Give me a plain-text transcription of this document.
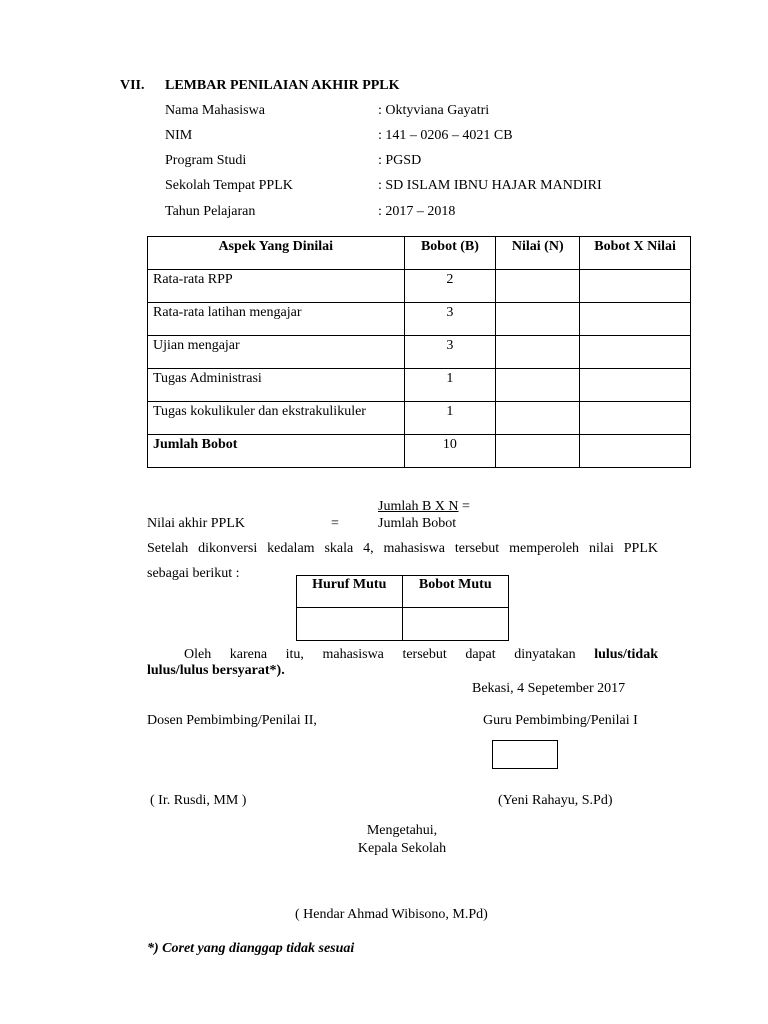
VII. LEMBAR PENILAIAN AKHIR PPLK
Nama Mahasiswa	: Oktyviana Gayatri
NIM	: 141 – 0206 – 4021 CB
Program Studi	: PGSD
Sekolah Tempat PPLK	: SD ISLAM IBNU HAJAR MANDIRI
Tahun Pelajaran	: 2017 – 2018
Aspek Yang Dinilai	Bobot (B)	Nilai (N)	Bobot X Nilai
Rata-rata RPP	2		
Rata-rata latihan mengajar	3		
Ujian mengajar	3		
Tugas Administrasi	1		
Tugas kokulikuler dan ekstrakulikuler	1		
Jumlah Bobot	10		
Jumlah B X N =
Nilai akhir PPLK	=	Jumlah Bobot
Setelah dikonversi kedalam skala 4, mahasiswa tersebut memperoleh nilai PPLK
sebagai berikut :
Huruf Mutu	Bobot Mutu

Oleh karena itu, mahasiswa tersebut dapat dinyatakan lulus/tidak
lulus/lulus bersyarat*).
Bekasi, 4 Sepetember 2017
Dosen Pembimbing/Penilai II,	Guru Pembimbing/Penilai I
( Ir. Rusdi, MM )	(Yeni Rahayu, S.Pd)
Mengetahui,
Kepala Sekolah
( Hendar Ahmad Wibisono, M.Pd)
*) Coret yang dianggap tidak sesuai
